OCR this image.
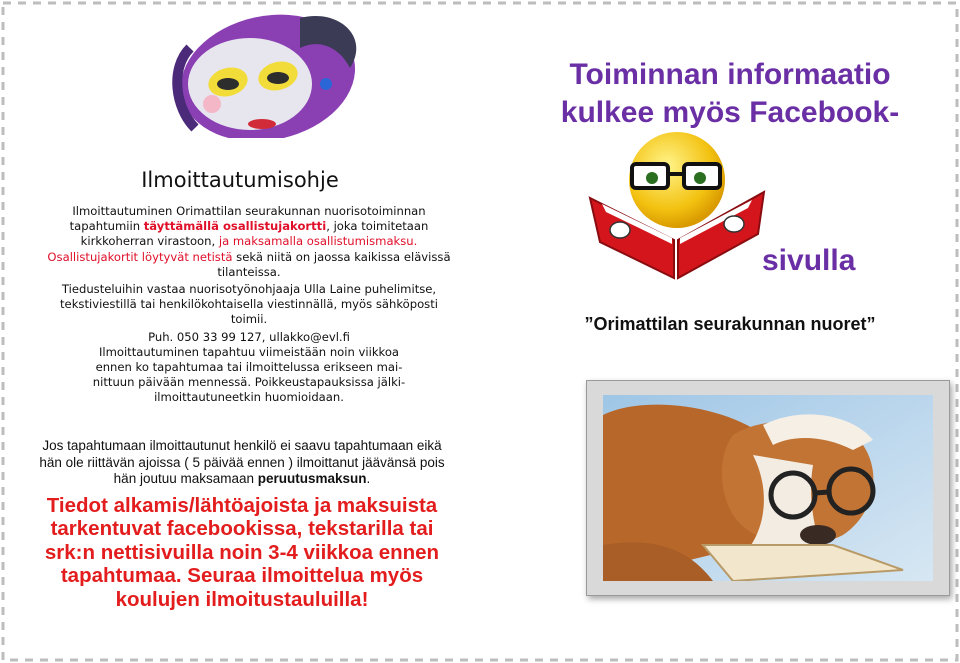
Ilmoittautumisohje

Ilmoittautuminen Orimattilan seurakunnan nuorisotoiminnan

tapahtumiin täyttämällä osallistujakortti, joka toimitetaan

kirkkoherran virastoon, ja maksamalla osallistumismaksu.

Osallistujakortit löytyvät netistä sekä niitä on jaossa kaikissa elävissä

tilanteissa.

Tiedusteluihin vastaa nuorisotyönohjaaja Ulla Laine puhelimitse,

tekstiviestillä tai henkilökohtaisella viestinnällä, myös sähköposti

toimii.

Puh. 050 33 99 127, ullakko@evl.fi

Ilmoittautuminen tapahtuu viimeistään noin viikkoa

ennen ko tapahtumaa tai ilmoittelussa erikseen mai-

nittuun päivään mennessä. Poikkeustapauksissa jälki-

ilmoittautuneetkin huomioidaan.

Jos tapahtumaan ilmoittautunut henkilö ei saavu tapahtumaan eikä

hän ole riittävän ajoissa ( 5 päivää ennen ) ilmoittanut jäävänsä pois

hän joutuu maksamaan peruutusmaksun.

Tiedot alkamis/lähtöajoista ja maksuista
tarkentuvat facebookissa, tekstarilla tai
srk:n nettisivuilla noin 3-4 viikkoa ennen
tapahtumaa. Seuraa ilmoittelua myös
koulujen ilmoitustauluilla!

Toiminnan informaatio
kulkee myös Facebook-
sivulla
”Orimattilan seurakunnan nuoret”
